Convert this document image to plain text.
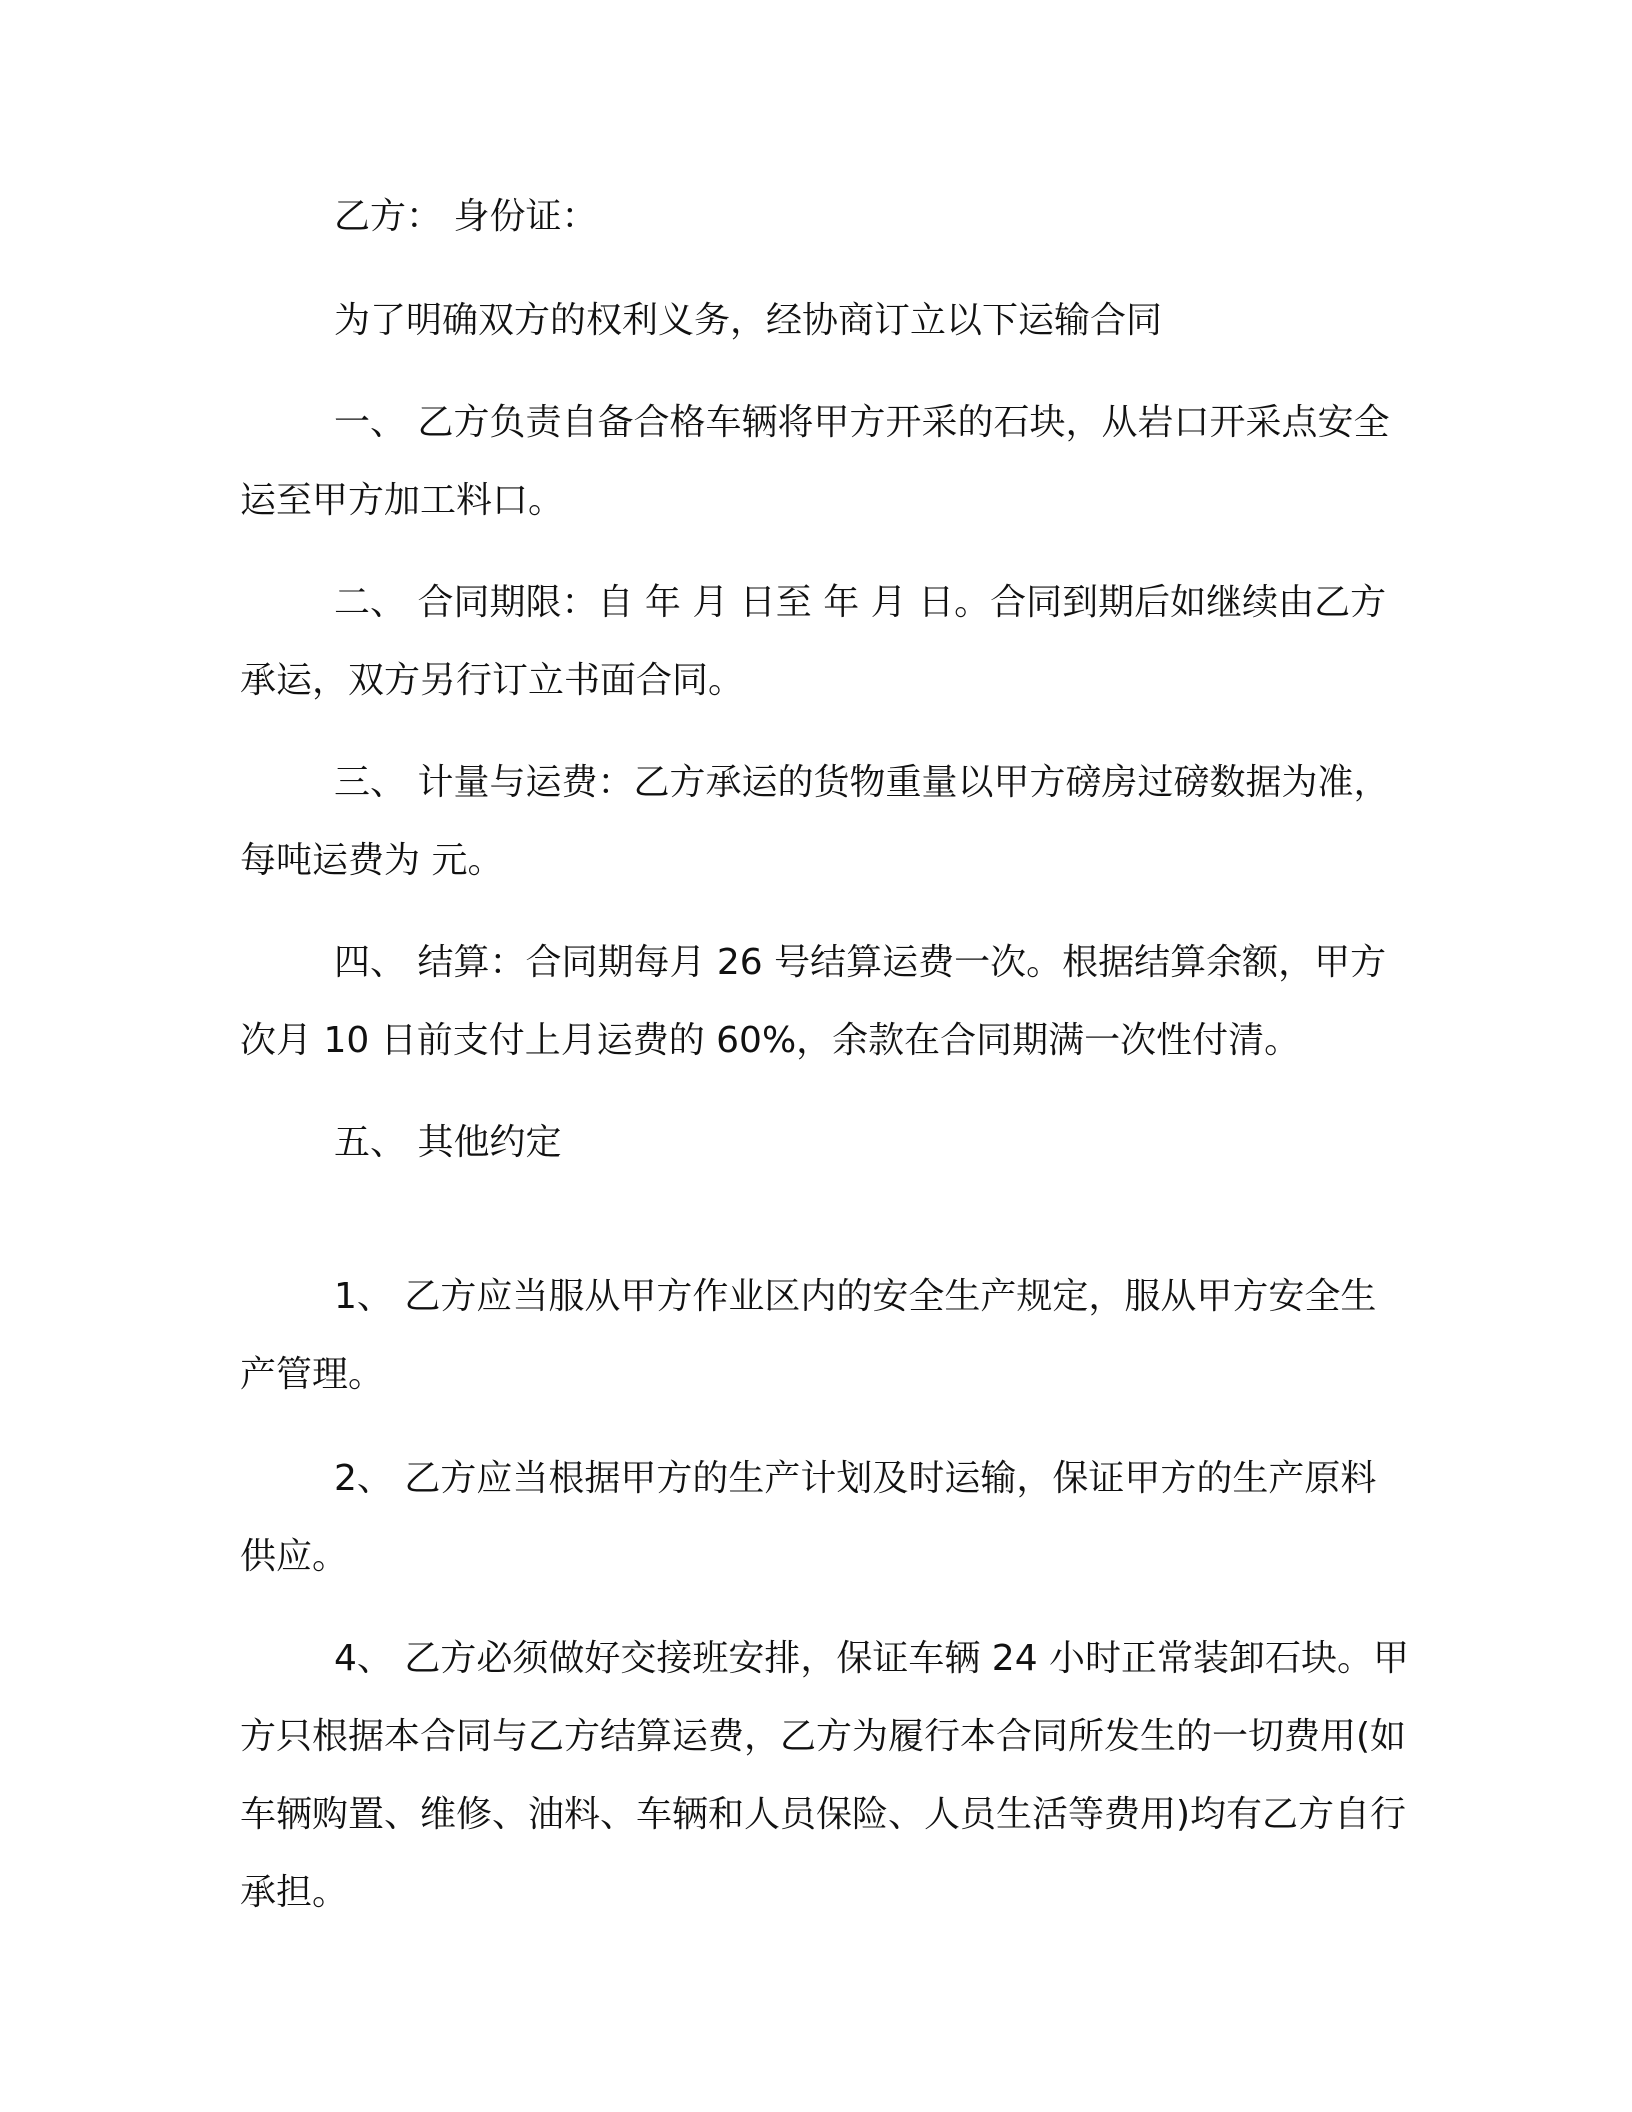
乙方： 身份证：

为了明确双方的权利义务，经协商订立以下运输合同

一、 乙方负责自备合格车辆将甲方开采的石块，从岩口开采点安全运至甲方加工料口。

二、 合同期限：自 年 月 日至 年 月 日。合同到期后如继续由乙方承运，双方另行订立书面合同。

三、 计量与运费：乙方承运的货物重量以甲方磅房过磅数据为准，每吨运费为 元。

四、 结算：合同期每月 26 号结算运费一次。根据结算余额，甲方次月 10 日前支付上月运费的 60%，余款在合同期满一次性付清。

五、 其他约定

1、 乙方应当服从甲方作业区内的安全生产规定，服从甲方安全生产管理。

2、 乙方应当根据甲方的生产计划及时运输，保证甲方的生产原料供应。

4、 乙方必须做好交接班安排，保证车辆 24 小时正常装卸石块。甲方只根据本合同与乙方结算运费，乙方为履行本合同所发生的一切费用(如车辆购置、维修、油料、车辆和人员保险、人员生活等费用)均有乙方自行承担。
